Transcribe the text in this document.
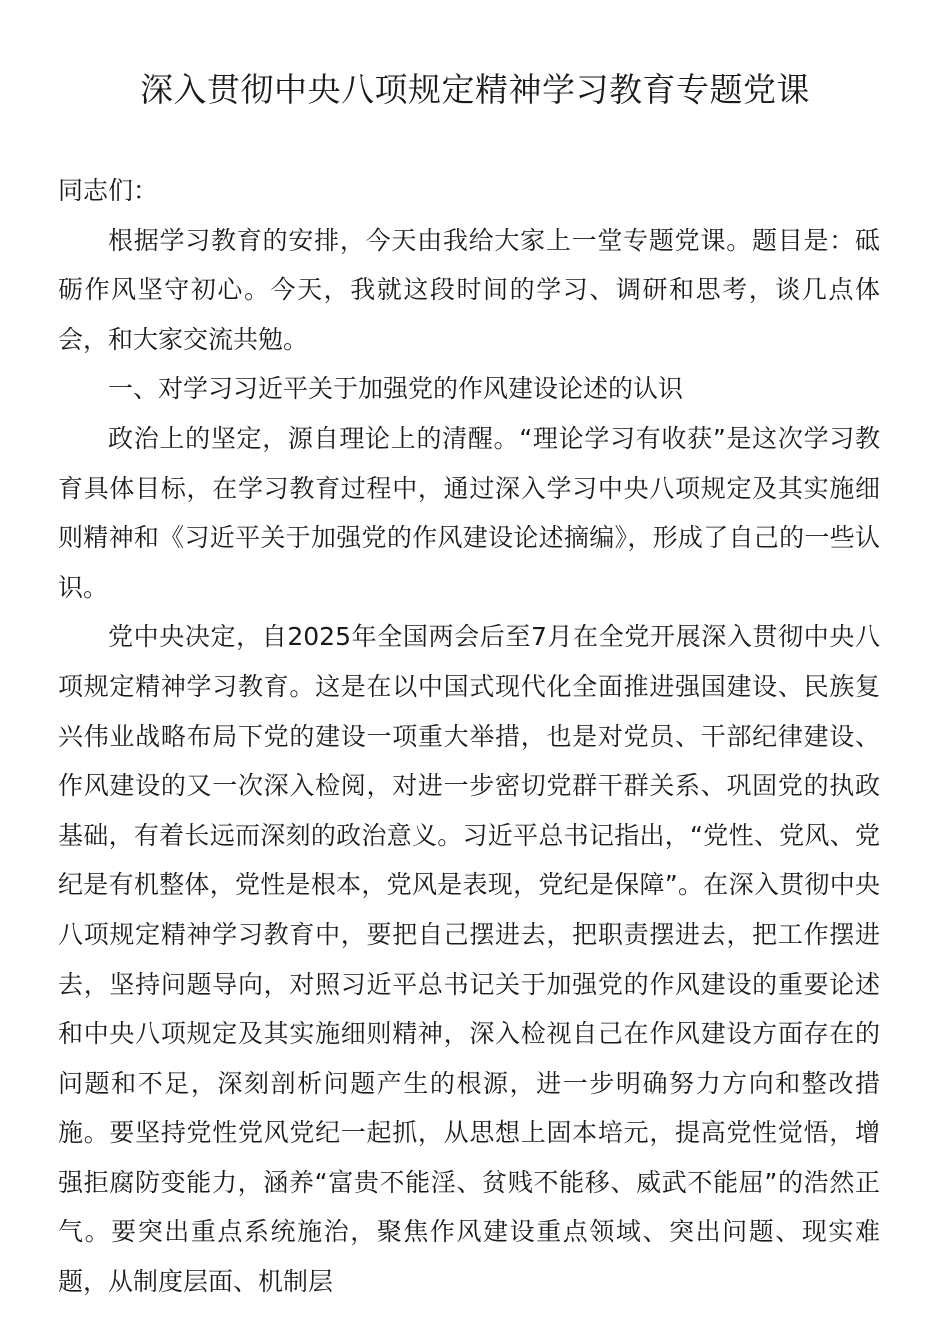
深入贯彻中央八项规定精神学习教育专题党课

同志们：

根据学习教育的安排，今天由我给大家上一堂专题党课。题目是：砥砺作风坚守初心。今天，我就这段时间的学习、调研和思考，谈几点体会，和大家交流共勉。

一、对学习习近平关于加强党的作风建设论述的认识

政治上的坚定，源自理论上的清醒。“理论学习有收获”是这次学习教育具体目标，在学习教育过程中，通过深入学习中央八项规定及其实施细则精神和《习近平关于加强党的作风建设论述摘编》，形成了自己的一些认识。

党中央决定，自2025年全国两会后至7月在全党开展深入贯彻中央八项规定精神学习教育。这是在以中国式现代化全面推进强国建设、民族复兴伟业战略布局下党的建设一项重大举措，也是对党员、干部纪律建设、作风建设的又一次深入检阅，对进一步密切党群干群关系、巩固党的执政基础，有着长远而深刻的政治意义。习近平总书记指出，“党性、党风、党纪是有机整体，党性是根本，党风是表现，党纪是保障”。在深入贯彻中央八项规定精神学习教育中，要把自己摆进去，把职责摆进去，把工作摆进去，坚持问题导向，对照习近平总书记关于加强党的作风建设的重要论述和中央八项规定及其实施细则精神，深入检视自己在作风建设方面存在的问题和不足，深刻剖析问题产生的根源，进一步明确努力方向和整改措施。要坚持党性党风党纪一起抓，从思想上固本培元，提高党性觉悟，增强拒腐防变能力，涵养“富贵不能淫、贫贱不能移、威武不能屈”的浩然正气。要突出重点系统施治，聚焦作风建设重点领域、突出问题、现实难题，从制度层面、机制层
